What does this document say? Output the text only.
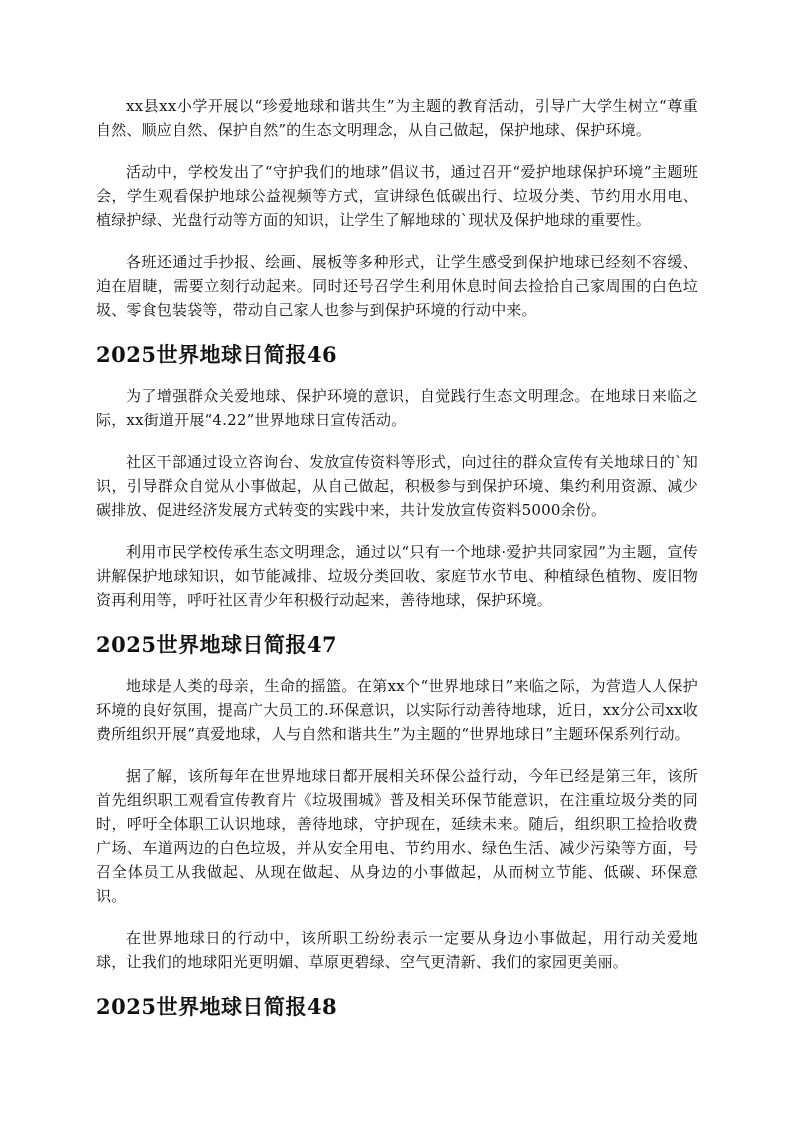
xx县xx小学开展以“珍爱地球和谐共生”为主题的教育活动，引导广大学生树立“尊重自然、顺应自然、保护自然”的生态文明理念，从自己做起，保护地球、保护环境。

活动中，学校发出了“守护我们的地球”倡议书，通过召开“爱护地球保护环境”主题班会，学生观看保护地球公益视频等方式，宣讲绿色低碳出行、垃圾分类、节约用水用电、植绿护绿、光盘行动等方面的知识，让学生了解地球的`现状及保护地球的重要性。

各班还通过手抄报、绘画、展板等多种形式，让学生感受到保护地球已经刻不容缓、迫在眉睫，需要立刻行动起来。同时还号召学生利用休息时间去捡拾自己家周围的白色垃圾、零食包装袋等，带动自己家人也参与到保护环境的行动中来。

2025世界地球日简报46

为了增强群众关爱地球、保护环境的意识，自觉践行生态文明理念。在地球日来临之际，xx街道开展“4.22”世界地球日宣传活动。

社区干部通过设立咨询台、发放宣传资料等形式，向过往的群众宣传有关地球日的`知识，引导群众自觉从小事做起，从自己做起，积极参与到保护环境、集约利用资源、减少碳排放、促进经济发展方式转变的实践中来，共计发放宣传资料5000余份。

利用市民学校传承生态文明理念，通过以“只有一个地球·爱护共同家园”为主题，宣传讲解保护地球知识，如节能减排、垃圾分类回收、家庭节水节电、种植绿色植物、废旧物资再利用等，呼吁社区青少年积极行动起来，善待地球，保护环境。

2025世界地球日简报47

地球是人类的母亲，生命的摇篮。在第xx个“世界地球日”来临之际，为营造人人保护环境的良好氛围，提高广大员工的.环保意识，以实际行动善待地球，近日，xx分公司xx收费所组织开展“真爱地球，人与自然和谐共生”为主题的“世界地球日”主题环保系列行动。

据了解，该所每年在世界地球日都开展相关环保公益行动，今年已经是第三年，该所首先组织职工观看宣传教育片《垃圾围城》普及相关环保节能意识，在注重垃圾分类的同时，呼吁全体职工认识地球，善待地球，守护现在，延续未来。随后，组织职工捡拾收费广场、车道两边的白色垃圾，并从安全用电、节约用水、绿色生活、减少污染等方面，号召全体员工从我做起、从现在做起、从身边的小事做起，从而树立节能、低碳、环保意识。

在世界地球日的行动中，该所职工纷纷表示一定要从身边小事做起，用行动关爱地球，让我们的地球阳光更明媚、草原更碧绿、空气更清新、我们的家园更美丽。

2025世界地球日简报48
